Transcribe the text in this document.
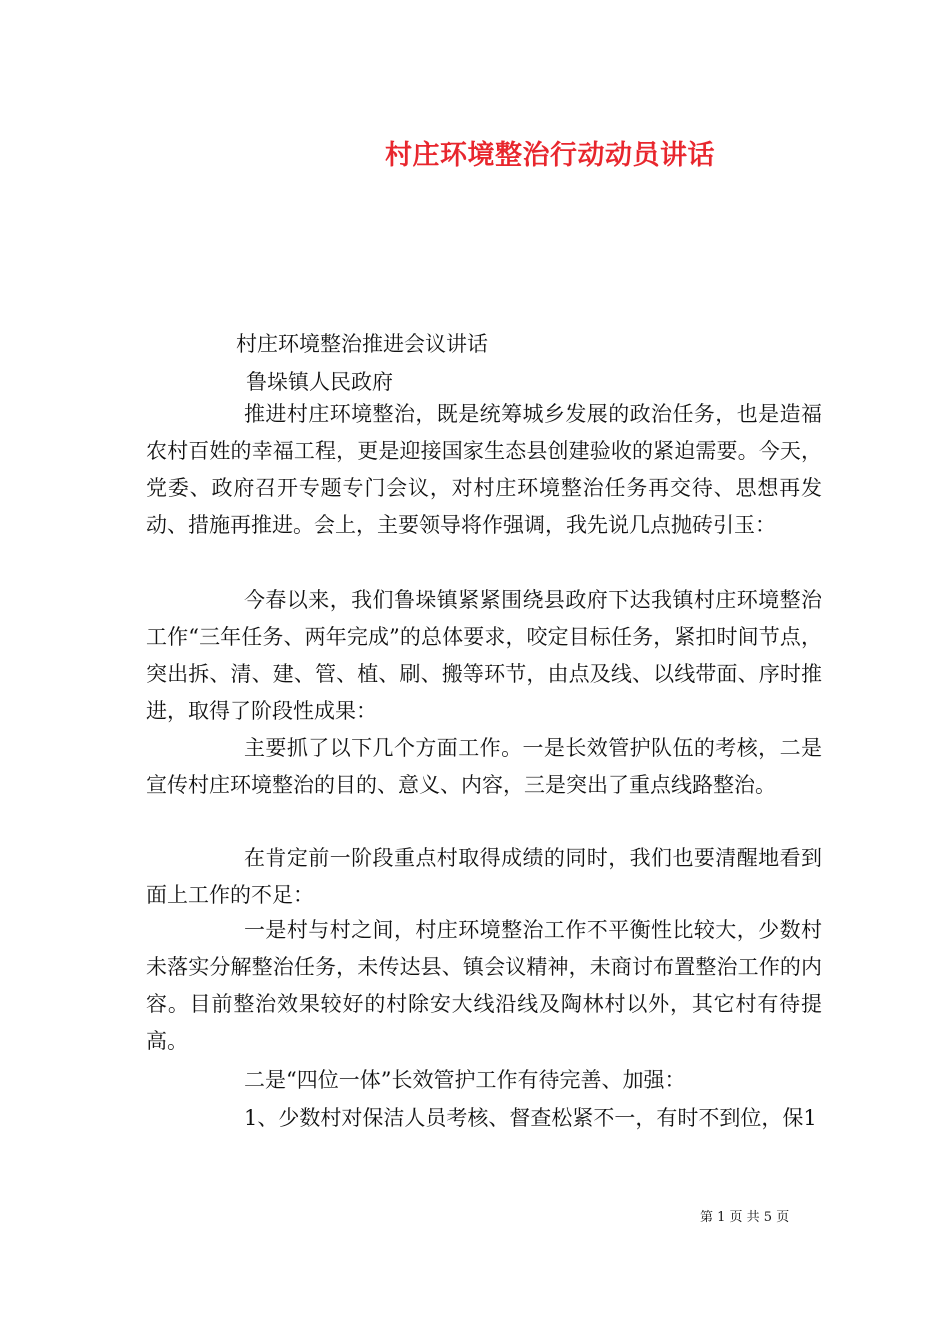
村庄环境整治行动动员讲话
村庄环境整治推进会议讲话
鲁垛镇人民政府

推进村庄环境整治，既是统筹城乡发展的政治任务，也是造福农村百姓的幸福工程，更是迎接国家生态县创建验收的紧迫需要。今天，党委、政府召开专题专门会议，对村庄环境整治任务再交待、思想再发动、措施再推进。会上，主要领导将作强调，我先说几点抛砖引玉：

今春以来，我们鲁垛镇紧紧围绕县政府下达我镇村庄环境整治工作“三年任务、两年完成”的总体要求，咬定目标任务，紧扣时间节点，突出拆、清、建、管、植、刷、搬等环节，由点及线、以线带面、序时推进，取得了阶段性成果：

主要抓了以下几个方面工作。一是长效管护队伍的考核，二是宣传村庄环境整治的目的、意义、内容，三是突出了重点线路整治。

在肯定前一阶段重点村取得成绩的同时，我们也要清醒地看到面上工作的不足：

一是村与村之间，村庄环境整治工作不平衡性比较大，少数村未落实分解整治任务，未传达县、镇会议精神，未商讨布置整治工作的内容。目前整治效果较好的村除安大线沿线及陶林村以外，其它村有待提高。

二是“四位一体”长效管护工作有待完善、加强：

1、少数村对保洁人员考核、督查松紧不一，有时不到位，保1

第 1 页 共 5 页
